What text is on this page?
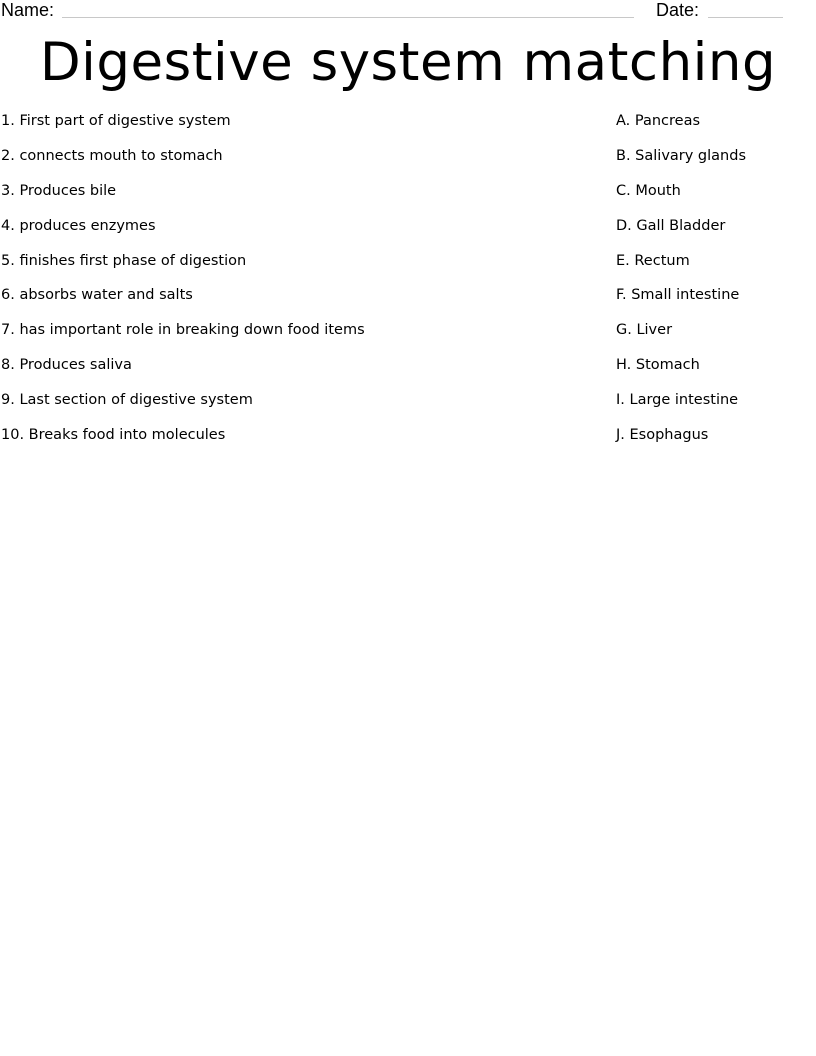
Name:	Date:
Digestive system matching
1. First part of digestive system
2. connects mouth to stomach
3. Produces bile
4. produces enzymes
5. finishes first phase of digestion
6. absorbs water and salts
7. has important role in breaking down food items
8. Produces saliva
9. Last section of digestive system
10. Breaks food into molecules
A. Pancreas
B. Salivary glands
C. Mouth
D. Gall Bladder
E. Rectum
F. Small intestine
G. Liver
H. Stomach
I. Large intestine
J. Esophagus
